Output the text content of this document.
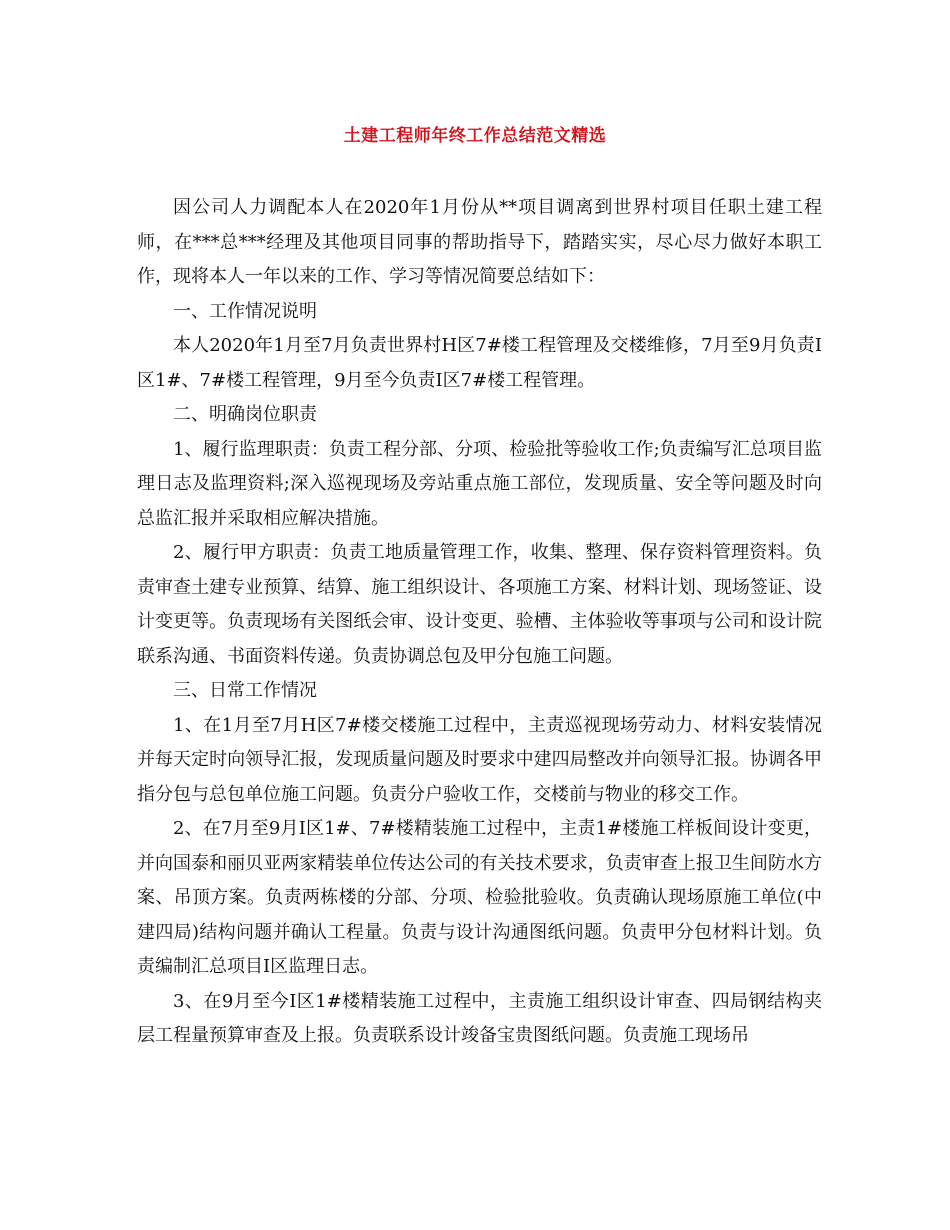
土建工程师年终工作总结范文精选

因公司人力调配本人在2020年1月份从**项目调离到世界村项目任职土建工程师，在***总***经理及其他项目同事的帮助指导下，踏踏实实，尽心尽力做好本职工作，现将本人一年以来的工作、学习等情况简要总结如下：

一、工作情况说明

本人2020年1月至7月负责世界村H区7#楼工程管理及交楼维修，7月至9月负责I区1#、7#楼工程管理，9月至今负责I区7#楼工程管理。

二、明确岗位职责

1、履行监理职责：负责工程分部、分项、检验批等验收工作;负责编写汇总项目监理日志及监理资料;深入巡视现场及旁站重点施工部位，发现质量、安全等问题及时向总监汇报并采取相应解决措施。

2、履行甲方职责：负责工地质量管理工作，收集、整理、保存资料管理资料。负责审查土建专业预算、结算、施工组织设计、各项施工方案、材料计划、现场签证、设计变更等。负责现场有关图纸会审、设计变更、验槽、主体验收等事项与公司和设计院联系沟通、书面资料传递。负责协调总包及甲分包施工问题。

三、日常工作情况

1、在1月至7月H区7#楼交楼施工过程中，主责巡视现场劳动力、材料安装情况并每天定时向领导汇报，发现质量问题及时要求中建四局整改并向领导汇报。协调各甲指分包与总包单位施工问题。负责分户验收工作，交楼前与物业的移交工作。

2、在7月至9月I区1#、7#楼精装施工过程中，主责1#楼施工样板间设计变更，并向国泰和丽贝亚两家精装单位传达公司的有关技术要求，负责审查上报卫生间防水方案、吊顶方案。负责两栋楼的分部、分项、检验批验收。负责确认现场原施工单位(中建四局)结构问题并确认工程量。负责与设计沟通图纸问题。负责甲分包材料计划。负责编制汇总项目I区监理日志。

3、在9月至今I区1#楼精装施工过程中，主责施工组织设计审查、四局钢结构夹层工程量预算审查及上报。负责联系设计竣备宝贵图纸问题。负责施工现场吊
